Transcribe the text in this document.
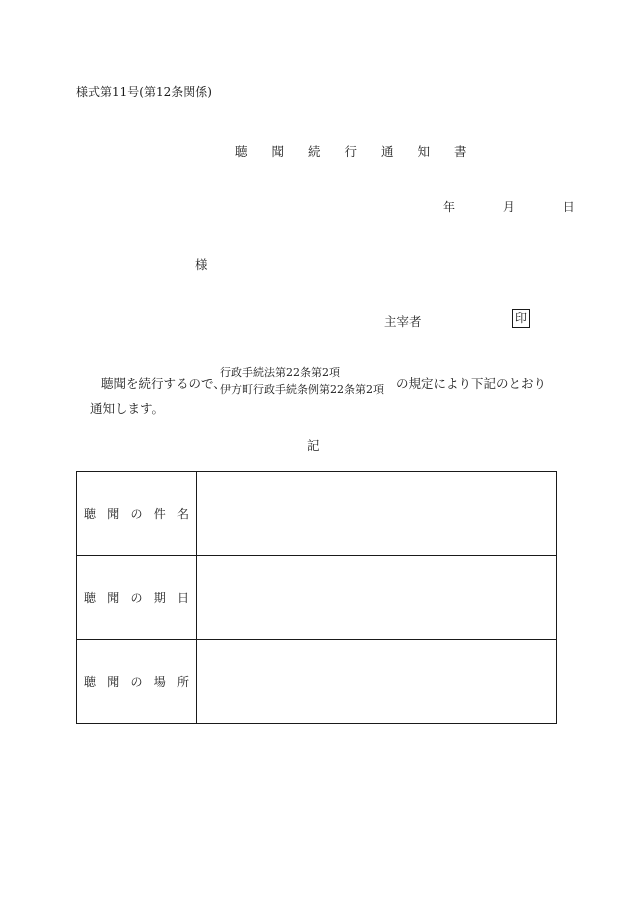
様式第11号(第12条関係)
聴 聞 続 行 通 知 書
年	月	日
様
主宰者	印
聴聞を続行するので、
行政手続法第22条第2項
伊方町行政手続条例第22条第2項 の規定により下記のとおり
通知します。
記
聴 聞 の 件 名	

聴 聞 の 期 日	

聴 聞 の 場 所	
